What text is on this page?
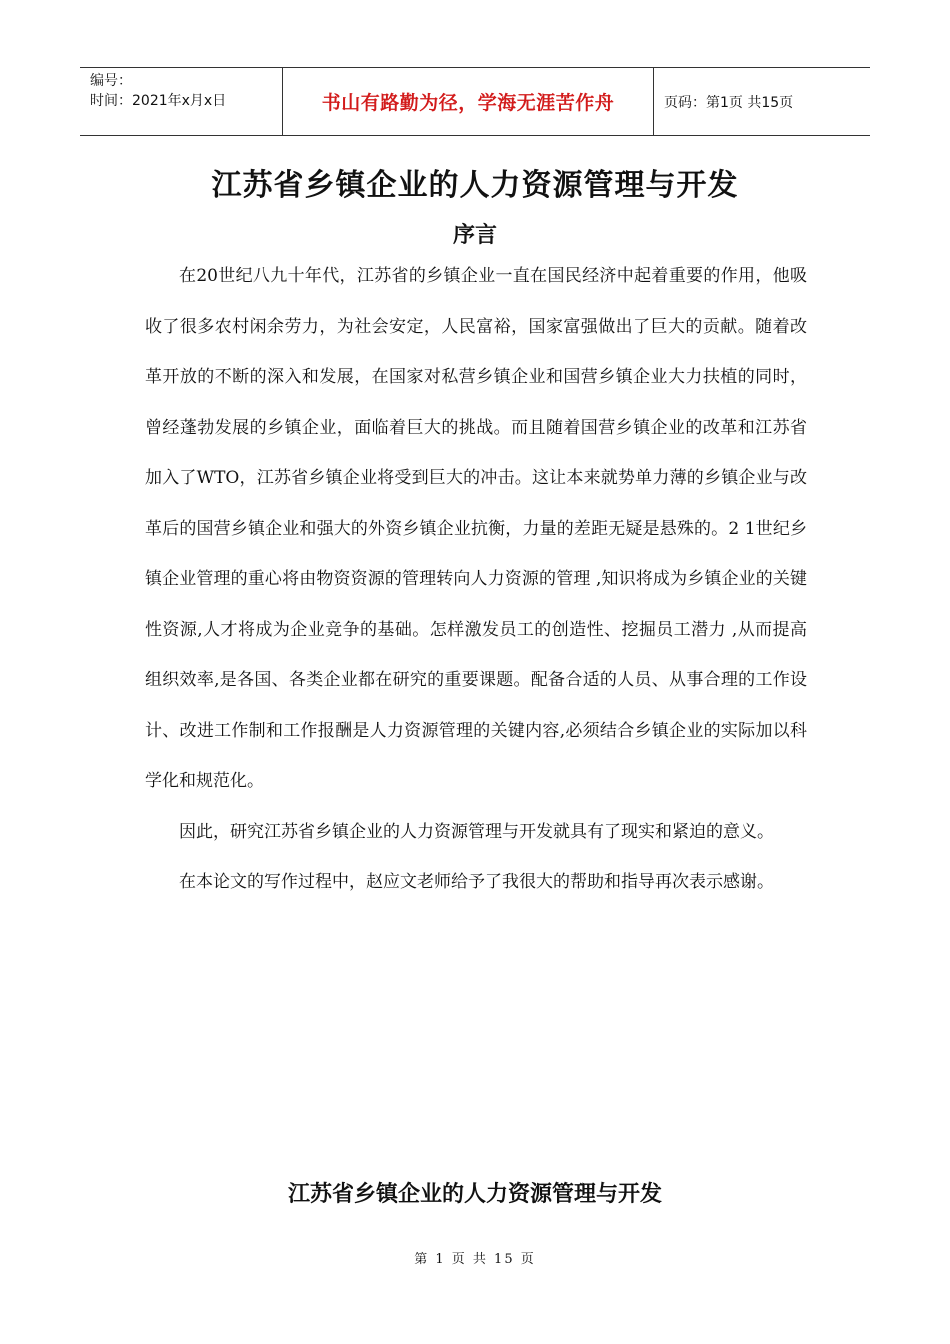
编号：
时间：2021年x月x日	书山有路勤为径，学海无涯苦作舟	页码：第1页 共15页
江苏省乡镇企业的人力资源管理与开发
序言

在20世纪八九十年代，江苏省的乡镇企业一直在国民经济中起着重要的作用，他吸收了很多农村闲余劳力，为社会安定，人民富裕，国家富强做出了巨大的贡献。随着改革开放的不断的深入和发展，在国家对私营乡镇企业和国营乡镇企业大力扶植的同时，曾经蓬勃发展的乡镇企业，面临着巨大的挑战。而且随着国营乡镇企业的改革和江苏省加入了WTO，江苏省乡镇企业将受到巨大的冲击。这让本来就势单力薄的乡镇企业与改革后的国营乡镇企业和强大的外资乡镇企业抗衡，力量的差距无疑是悬殊的。2 1世纪乡镇企业管理的重心将由物资资源的管理转向人力资源的管理 ,知识将成为乡镇企业的关键性资源,人才将成为企业竞争的基础。怎样激发员工的创造性、挖掘员工潜力 ,从而提高组织效率,是各国、各类企业都在研究的重要课题。配备合适的人员、从事合理的工作设计、改进工作制和工作报酬是人力资源管理的关键内容,必须结合乡镇企业的实际加以科学化和规范化。

因此，研究江苏省乡镇企业的人力资源管理与开发就具有了现实和紧迫的意义。

在本论文的写作过程中，赵应文老师给予了我很大的帮助和指导再次表示感谢。

江苏省乡镇企业的人力资源管理与开发
第 1 页 共 15 页
